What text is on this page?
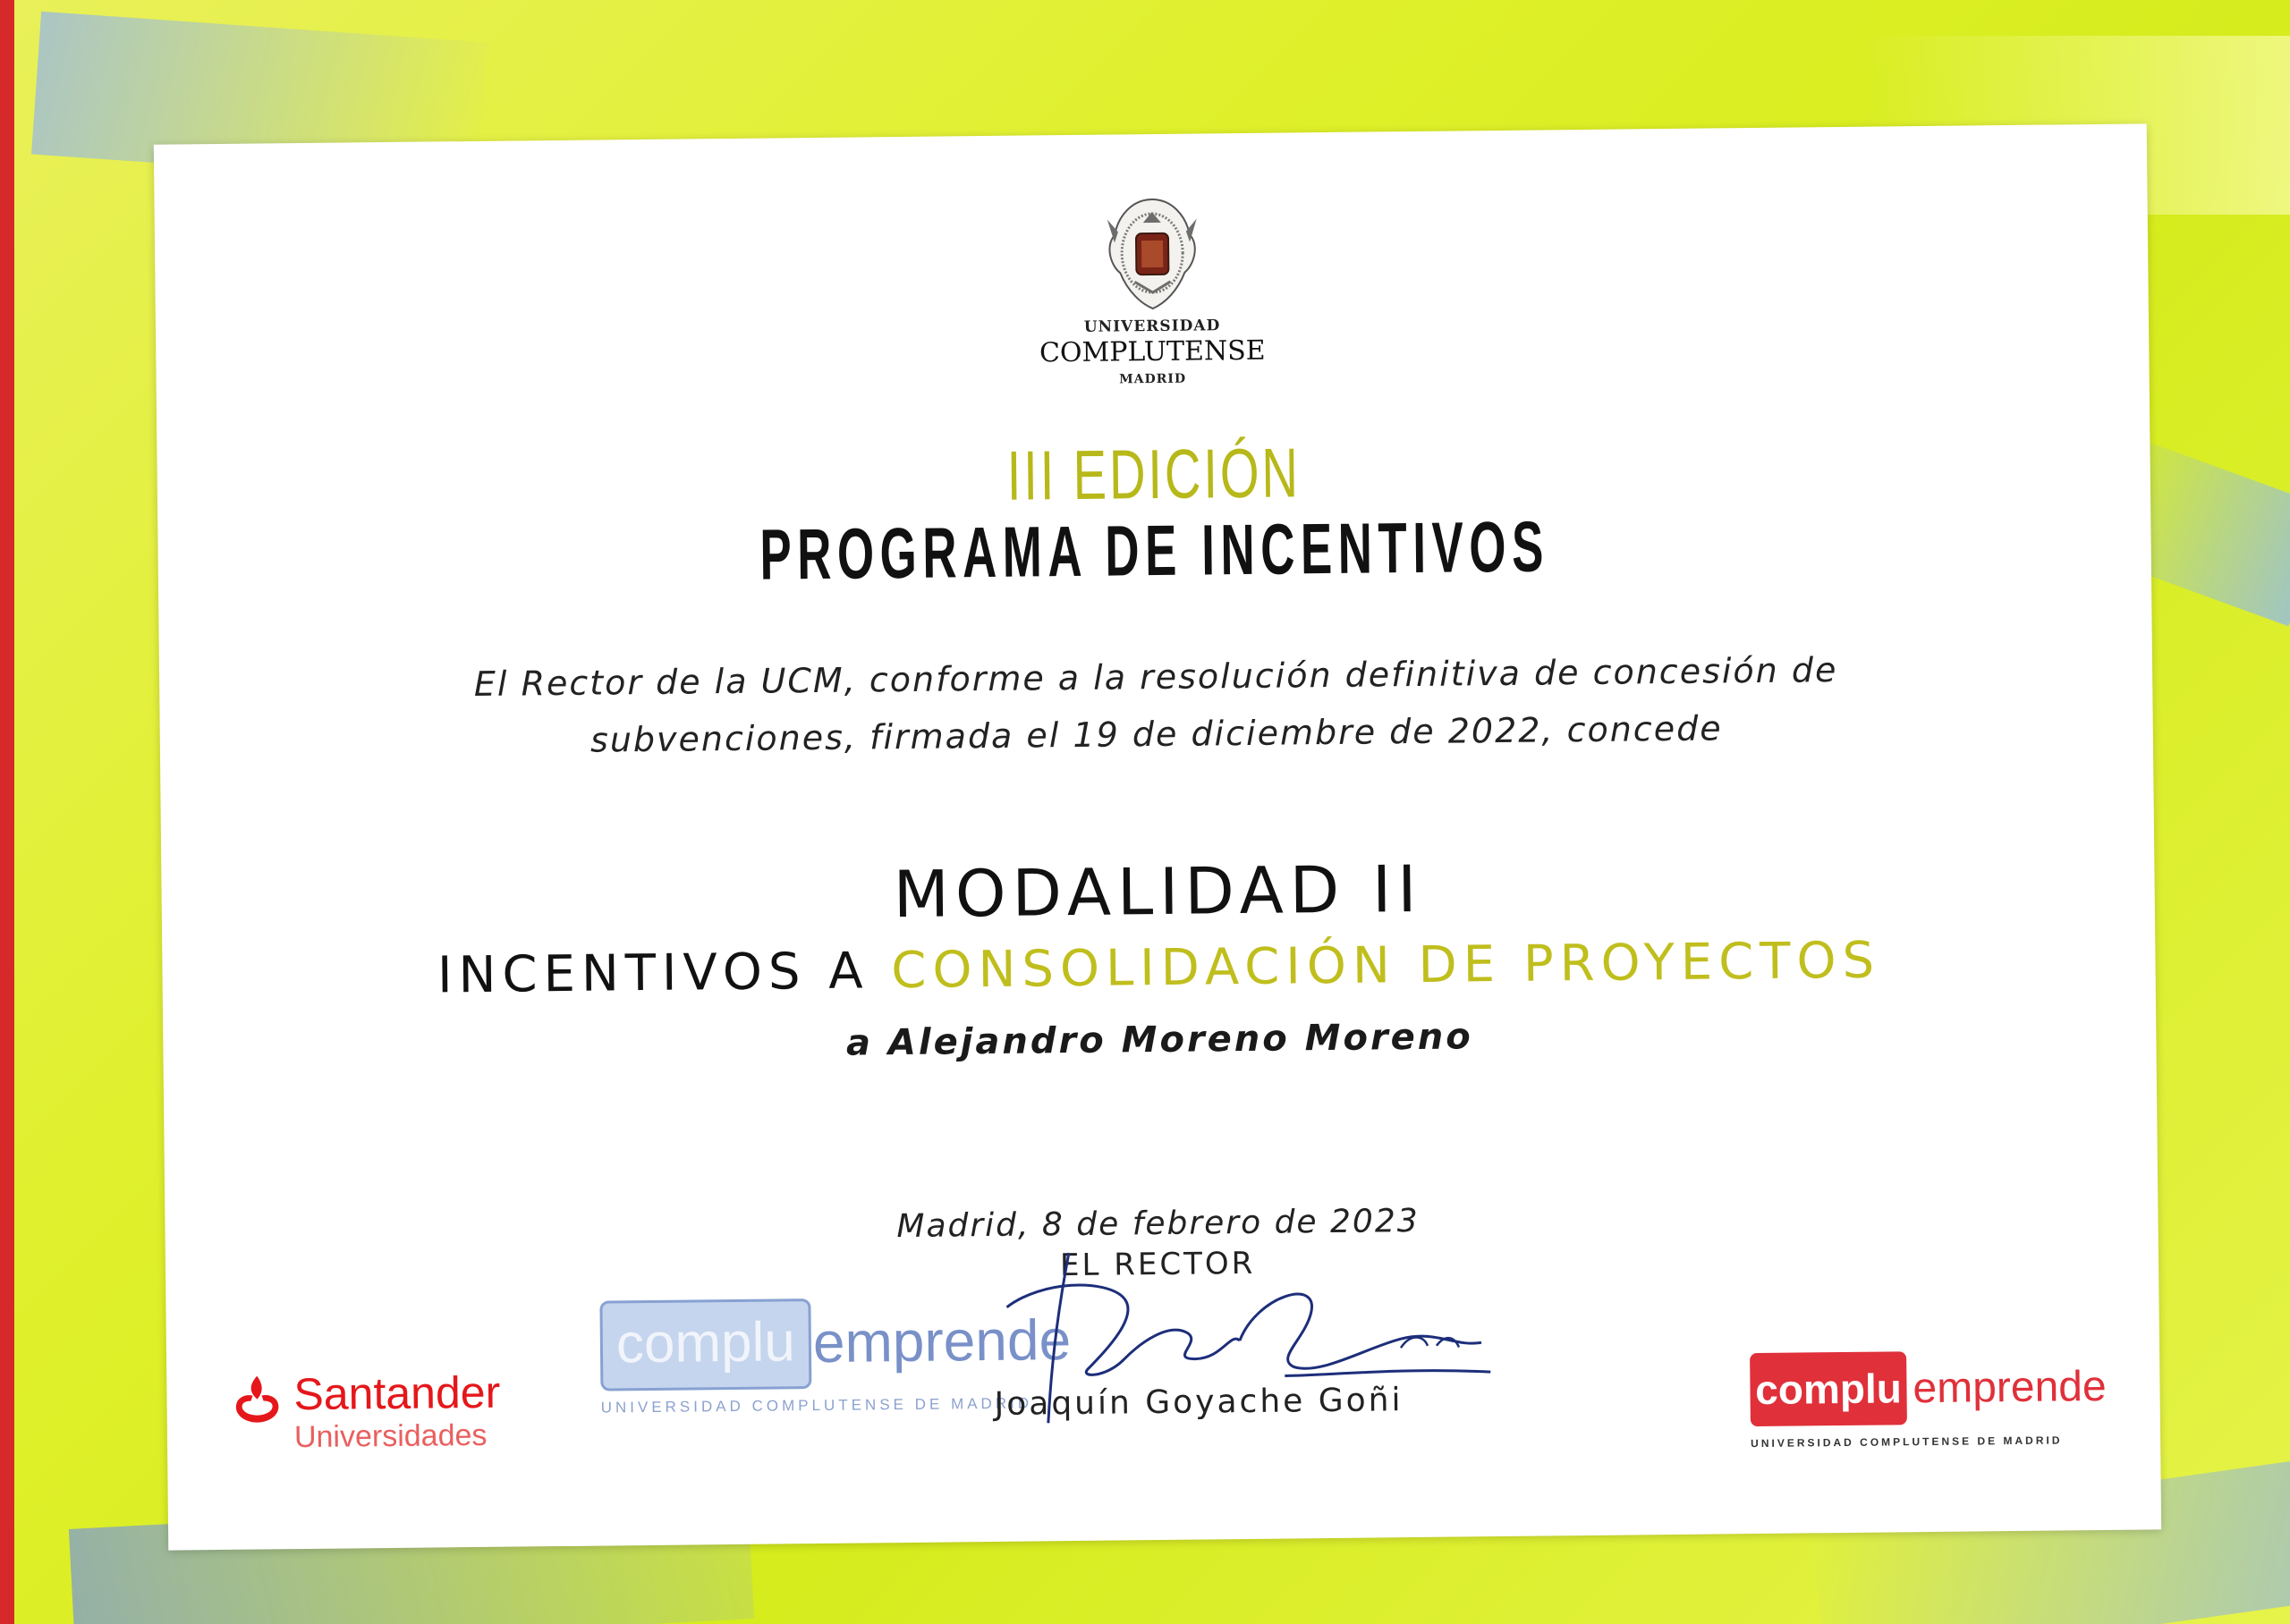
UNIVERSIDAD
COMPLUTENSE
MADRID
III EDICIÓN
PROGRAMA DE INCENTIVOS
El Rector de la UCM, conforme a la resolución definitiva de concesión de
subvenciones, firmada el 19 de diciembre de 2022, concede
MODALIDAD II
INCENTIVOS A CONSOLIDACIÓN DE PROYECTOS
a Alejandro Moreno Moreno
Madrid, 8 de febrero de 2023
EL RECTOR
Santander
Universidades
complu emprende
UNIVERSIDAD COMPLUTENSE DE MADRID
Joaquín Goyache Goñi	complu emprende
UNIVERSIDAD COMPLUTENSE DE MADRID
